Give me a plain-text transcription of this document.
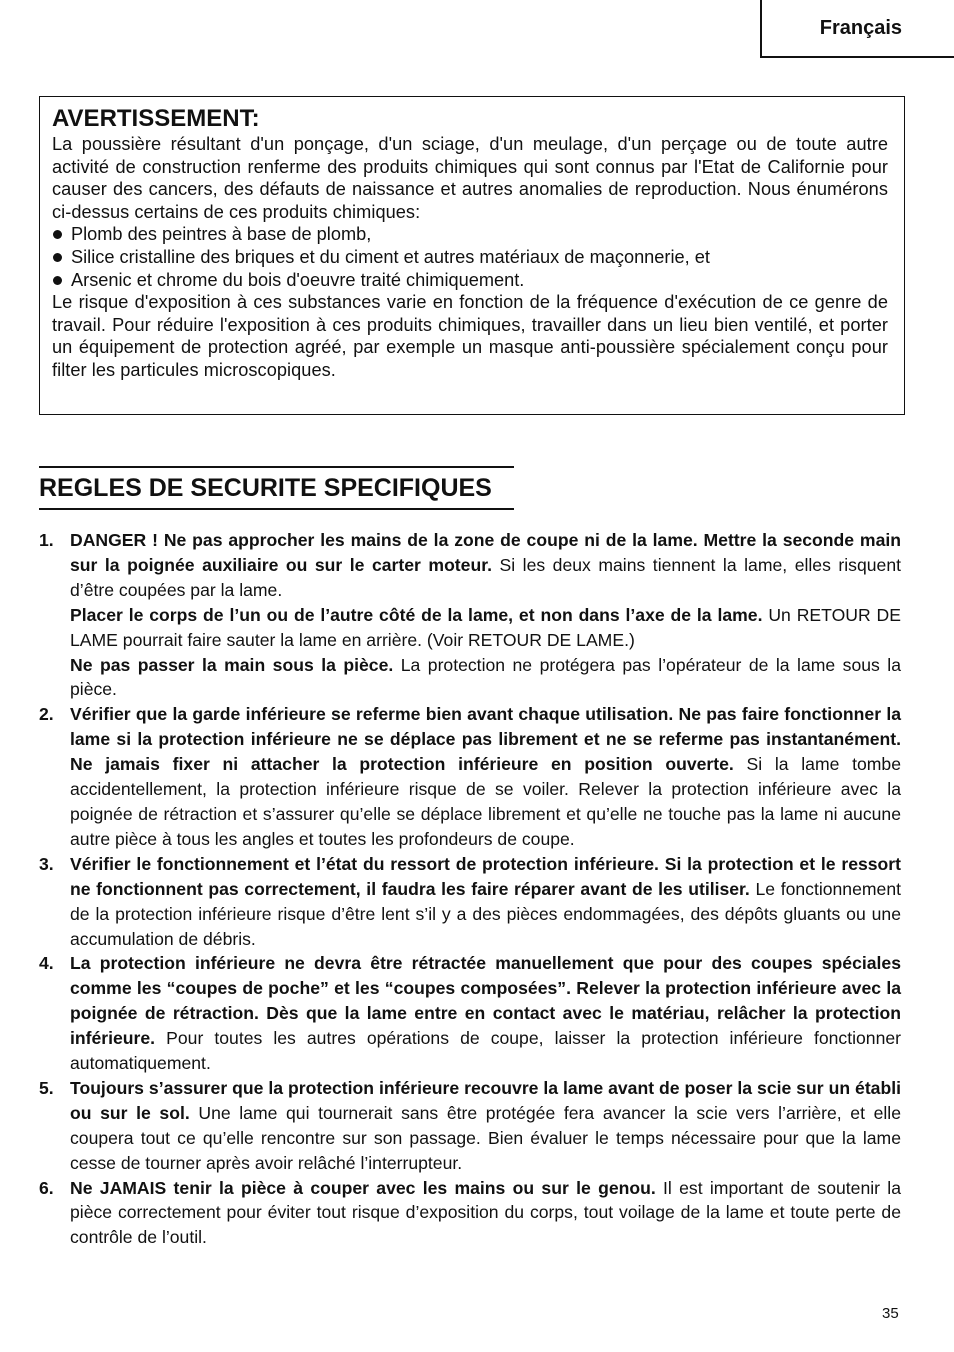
Français
AVERTISSEMENT:

La poussière résultant d'un ponçage, d'un sciage, d'un meulage, d'un perçage ou de toute autre activité de construction renferme des produits chimiques qui sont connus par l'Etat de Californie pour causer des cancers, des défauts de naissance et autres anomalies de reproduction. Nous énumérons ci-dessus certains de ces produits chimiques:

Plomb des peintres à base de plomb,
Silice cristalline des briques et du ciment et autres matériaux de maçonnerie, et
Arsenic et chrome du bois d'oeuvre traité chimiquement.

Le risque d'exposition à ces substances varie en fonction de la fréquence d'exécution de ce genre de travail. Pour réduire l'exposition à ces produits chimiques, travailler dans un lieu bien ventilé, et porter un équipement de protection agréé, par exemple un masque anti-poussière spécialement conçu pour filter les particules microscopiques.

REGLES DE SECURITE SPECIFIQUES
1. DANGER ! Ne pas approcher les mains de la zone de coupe ni de la lame. Mettre la seconde main sur la poignée auxiliaire ou sur le carter moteur. Si les deux mains tiennent la lame, elles risquent d’être coupées par la lame.

Placer le corps de l’un ou de l’autre côté de la lame, et non dans l’axe de la lame. Un RETOUR DE LAME pourrait faire sauter la lame en arrière. (Voir RETOUR DE LAME.)

Ne pas passer la main sous la pièce. La protection ne protégera pas l’opérateur de la lame sous la pièce.

2. Vérifier que la garde inférieure se referme bien avant chaque utilisation. Ne pas faire fonctionner la lame si la protection inférieure ne se déplace pas librement et ne se referme pas instantanément. Ne jamais fixer ni attacher la protection inférieure en position ouverte. Si la lame tombe accidentellement, la protection inférieure risque de se voiler. Relever la protection inférieure avec la poignée de rétraction et s’assurer qu’elle se déplace librement et qu’elle ne touche pas la lame ni aucune autre pièce à tous les angles et toutes les profondeurs de coupe.

3. Vérifier le fonctionnement et l’état du ressort de protection inférieure. Si la protection et le ressort ne fonctionnent pas correctement, il faudra les faire réparer avant de les utiliser. Le fonctionnement de la protection inférieure risque d’être lent s’il y a des pièces endommagées, des dépôts gluants ou une accumulation de débris.

4. La protection inférieure ne devra être rétractée manuellement que pour des coupes spéciales comme les “coupes de poche” et les “coupes composées”. Relever la protection inférieure avec la poignée de rétraction. Dès que la lame entre en contact avec le matériau, relâcher la protection inférieure. Pour toutes les autres opérations de coupe, laisser la protection inférieure fonctionner automatiquement.

5. Toujours s’assurer que la protection inférieure recouvre la lame avant de poser la scie sur un établi ou sur le sol. Une lame qui tournerait sans être protégée fera avancer la scie vers l’arrière, et elle coupera tout ce qu’elle rencontre sur son passage. Bien évaluer le temps nécessaire pour que la lame cesse de tourner après avoir relâché l’interrupteur.

6. Ne JAMAIS tenir la pièce à couper avec les mains ou sur le genou. Il est important de soutenir la pièce correctement pour éviter tout risque d’exposition du corps, tout voilage de la lame et toute perte de contrôle de l’outil.

35
